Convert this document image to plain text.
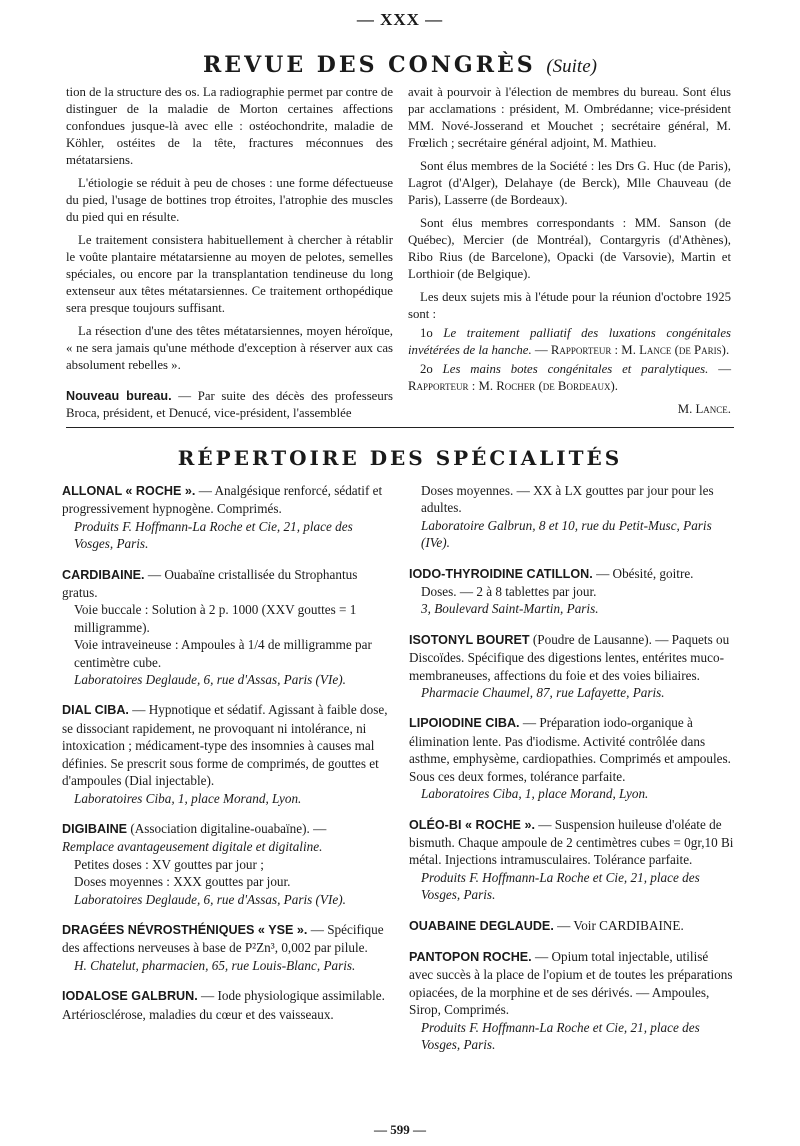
— XXX —
REVUE DES CONGRÈS (Suite)

tion de la structure des os. La radiographie permet par contre de distinguer de la maladie de Morton certaines affections confondues jusque-là avec elle : ostéochondrite, maladie de Köhler, ostéites de la tête, fractures méconnues des métatarsiens.

L'étiologie se réduit à peu de choses : une forme défectueuse du pied, l'usage de bottines trop étroites, l'atrophie des muscles du pied qui en résulte.

Le traitement consistera habituellement à chercher à rétablir le voûte plantaire métatarsienne au moyen de pelotes, semelles spéciales, ou encore par la transplantation tendineuse du long extenseur aux têtes métatarsiennes. Ce traitement orthopédique sera presque toujours suffisant.

La résection d'une des têtes métatarsiennes, moyen héroïque, « ne sera jamais qu'une méthode d'exception à réserver aux cas absolument rebelles ».

Nouveau bureau. — Par suite des décès des professeurs Broca, président, et Denucé, vice-président, l'assemblée

avait à pourvoir à l'élection de membres du bureau. Sont élus par acclamations : président, M. Ombrédanne; vice-président MM. Nové-Josserand et Mouchet ; secrétaire général, M. Frœlich ; secrétaire général adjoint, M. Mathieu.

Sont élus membres de la Société : les Drs G. Huc (de Paris), Lagrot (d'Alger), Delahaye (de Berck), Mlle Chauveau (de Paris), Lasserre (de Bordeaux).

Sont élus membres correspondants : MM. Sanson (de Québec), Mercier (de Montréal), Contargyris (d'Athènes), Ribo Rius (de Barcelone), Opacki (de Varsovie), Martin et Lorthioir (de Belgique).

Les deux sujets mis à l'étude pour la réunion d'octobre 1925 sont :

1o Le traitement palliatif des luxations congénitales invétérées de la hanche. — Rapporteur : M. Lance (de Paris).

2o Les mains botes congénitales et paralytiques. — Rapporteur : M. Rocher (de Bordeaux).

M. Lance.

RÉPERTOIRE DES SPÉCIALITÉS
ALLONAL « ROCHE ». — Analgésique renforcé, sédatif et progressivement hypnogène. Comprimés.
Produits F. Hoffmann-La Roche et Cie, 21, place des Vosges, Paris.
CARDIBAINE. — Ouabaïne cristallisée du Strophantus gratus.
Voie buccale : Solution à 2 p. 1000 (XXV gouttes = 1 milligramme).
Voie intraveineuse : Ampoules à 1/4 de milligramme par centimètre cube.
Laboratoires Deglaude, 6, rue d'Assas, Paris (VIe).
DIAL CIBA. — Hypnotique et sédatif. Agissant à faible dose, se dissociant rapidement, ne provoquant ni intolérance, ni intoxication ; médicament-type des insomnies à causes mal définies. Se prescrit sous forme de comprimés, de gouttes et d'ampoules (Dial injectable).
Laboratoires Ciba, 1, place Morand, Lyon.
DIGIBAINE (Association digitaline-ouabaïne). —
Remplace avantageusement digitale et digitaline.
Petites doses : XV gouttes par jour ;
Doses moyennes : XXX gouttes par jour.
Laboratoires Deglaude, 6, rue d'Assas, Paris (VIe).
DRAGÉES NÉVROSTHÉNIQUES « YSE ». — Spécifique des affections nerveuses à base de P²Zn³, 0,002 par pilule.
H. Chatelut, pharmacien, 65, rue Louis-Blanc, Paris.
IODALOSE GALBRUN. — Iode physiologique assimilable. Artériosclérose, maladies du cœur et des vaisseaux.
Doses moyennes. — XX à LX gouttes par jour pour les adultes.
Laboratoire Galbrun, 8 et 10, rue du Petit-Musc, Paris (IVe).
IODO-THYROIDINE CATILLON. — Obésité, goitre.
Doses. — 2 à 8 tablettes par jour.
3, Boulevard Saint-Martin, Paris.
ISOTONYL BOURET (Poudre de Lausanne). — Paquets ou Discoïdes. Spécifique des digestions lentes, entérites muco-membraneuses, affections du foie et des voies biliaires.
Pharmacie Chaumel, 87, rue Lafayette, Paris.
LIPOIODINE CIBA. — Préparation iodo-organique à élimination lente. Pas d'iodisme. Activité contrôlée dans asthme, emphysème, cardiopathies. Comprimés et ampoules. Sous ces deux formes, tolérance parfaite.
Laboratoires Ciba, 1, place Morand, Lyon.
OLÉO-BI « ROCHE ». — Suspension huileuse d'oléate de bismuth. Chaque ampoule de 2 centimètres cubes = 0gr,10 Bi métal. Injections intramusculaires. Tolérance parfaite.
Produits F. Hoffmann-La Roche et Cie, 21, place des Vosges, Paris.
OUABAINE DEGLAUDE. — Voir CARDIBAINE.
PANTOPON ROCHE. — Opium total injectable, utilisé avec succès à la place de l'opium et de toutes les préparations opiacées, de la morphine et de ses dérivés. — Ampoules, Sirop, Comprimés.
Produits F. Hoffmann-La Roche et Cie, 21, place des Vosges, Paris.
— 599 —
